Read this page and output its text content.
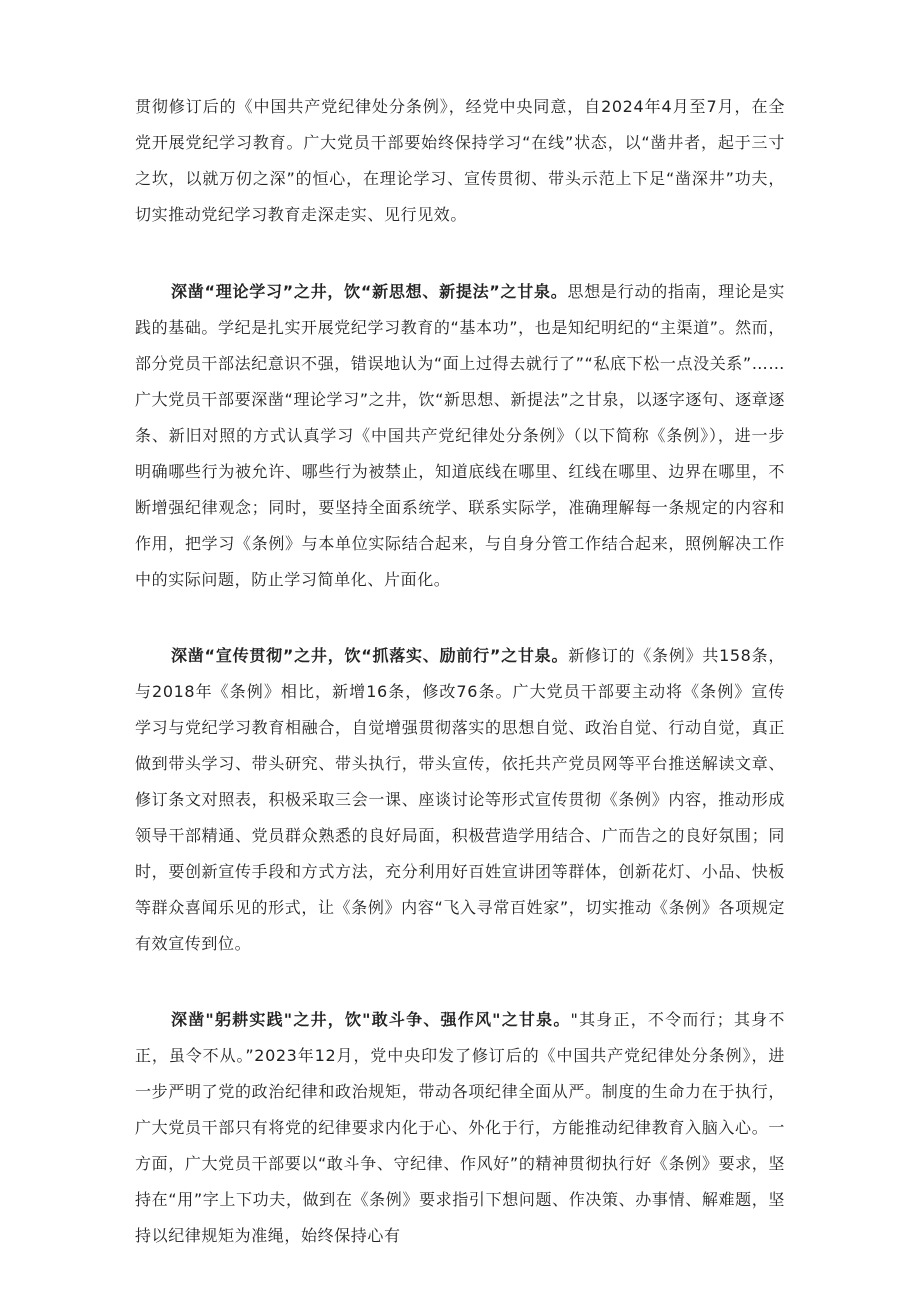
贯彻修订后的《中国共产党纪律处分条例》，经党中央同意，自2024年4月至7月，在全党开展党纪学习教育。广大党员干部要始终保持学习“在线”状态，以“凿井者，起于三寸之坎，以就万仞之深”的恒心，在理论学习、宣传贯彻、带头示范上下足“凿深井”功夫，切实推动党纪学习教育走深走实、见行见效。

深凿“理论学习”之井，饮“新思想、新提法”之甘泉。思想是行动的指南，理论是实践的基础。学纪是扎实开展党纪学习教育的“基本功”，也是知纪明纪的“主渠道”。然而，部分党员干部法纪意识不强，错误地认为“面上过得去就行了”“私底下松一点没关系”……广大党员干部要深凿“理论学习”之井，饮“新思想、新提法”之甘泉，以逐字逐句、逐章逐条、新旧对照的方式认真学习《中国共产党纪律处分条例》（以下简称《条例》），进一步明确哪些行为被允许、哪些行为被禁止，知道底线在哪里、红线在哪里、边界在哪里，不断增强纪律观念；同时，要坚持全面系统学、联系实际学，准确理解每一条规定的内容和作用，把学习《条例》与本单位实际结合起来，与自身分管工作结合起来，照例解决工作中的实际问题，防止学习简单化、片面化。

深凿“宣传贯彻”之井，饮“抓落实、励前行”之甘泉。新修订的《条例》共158条，与2018年《条例》相比，新增16条，修改76条。广大党员干部要主动将《条例》宣传学习与党纪学习教育相融合，自觉增强贯彻落实的思想自觉、政治自觉、行动自觉，真正做到带头学习、带头研究、带头执行，带头宣传，依托共产党员网等平台推送解读文章、修订条文对照表，积极采取三会一课、座谈讨论等形式宣传贯彻《条例》内容，推动形成领导干部精通、党员群众熟悉的良好局面，积极营造学用结合、广而告之的良好氛围；同时，要创新宣传手段和方式方法，充分利用好百姓宣讲团等群体，创新花灯、小品、快板等群众喜闻乐见的形式，让《条例》内容“飞入寻常百姓家”，切实推动《条例》各项规定有效宣传到位。

深凿"躬耕实践"之井，饮"敢斗争、强作风"之甘泉。"其身正，不令而行；其身不正，虽令不从。”2023年12月，党中央印发了修订后的《中国共产党纪律处分条例》，进一步严明了党的政治纪律和政治规矩，带动各项纪律全面从严。制度的生命力在于执行，广大党员干部只有将党的纪律要求内化于心、外化于行，方能推动纪律教育入脑入心。一方面，广大党员干部要以“敢斗争、守纪律、作风好”的精神贯彻执行好《条例》要求，坚持在“用”字上下功夫，做到在《条例》要求指引下想问题、作决策、办事情、解难题，坚持以纪律规矩为准绳，始终保持心有
